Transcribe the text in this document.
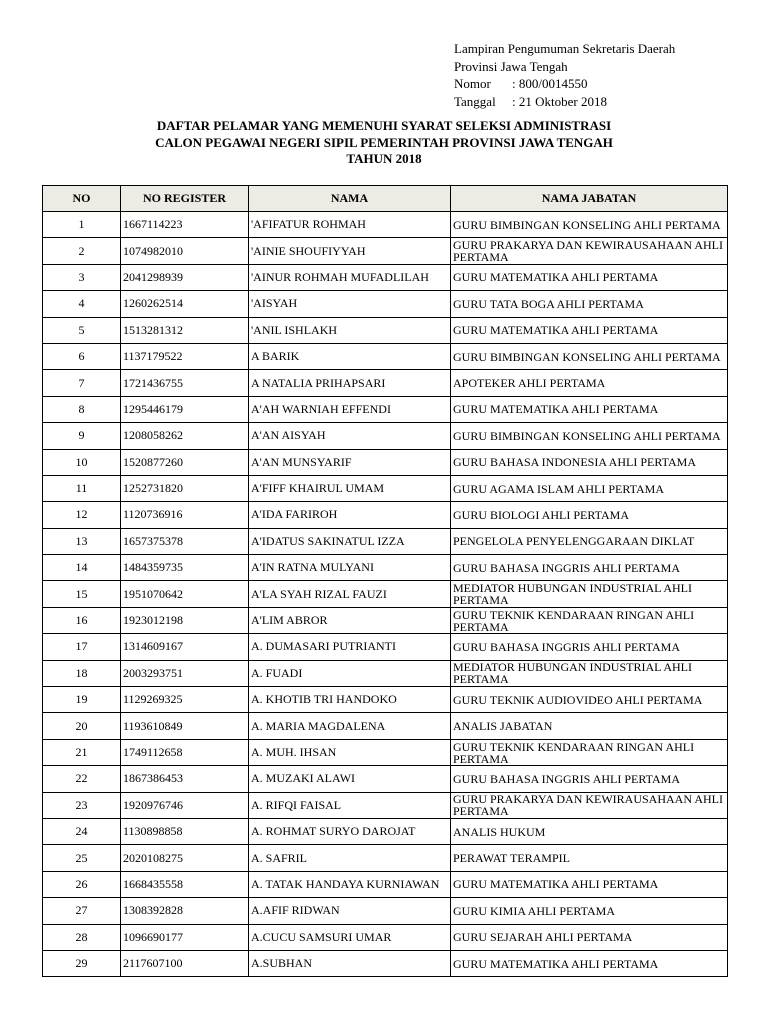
Lampiran Pengumuman Sekretaris Daerah
Provinsi Jawa Tengah
Nomor : 800/0014550
Tanggal : 21 Oktober 2018
DAFTAR PELAMAR YANG MEMENUHI SYARAT SELEKSI ADMINISTRASI
CALON PEGAWAI NEGERI SIPIL PEMERINTAH PROVINSI JAWA TENGAH
TAHUN 2018
NO	NO REGISTER	NAMA	NAMA JABATAN
1	1667114223	'AFIFATUR ROHMAH	GURU BIMBINGAN KONSELING AHLI PERTAMA
2	1074982010	'AINIE SHOUFIYYAH	GURU PRAKARYA DAN KEWIRAUSAHAAN AHLI PERTAMA
3	2041298939	'AINUR ROHMAH MUFADLILAH	GURU MATEMATIKA AHLI PERTAMA
4	1260262514	'AISYAH	GURU TATA BOGA AHLI PERTAMA
5	1513281312	'ANIL ISHLAKH	GURU MATEMATIKA AHLI PERTAMA
6	1137179522	A BARIK	GURU BIMBINGAN KONSELING AHLI PERTAMA
7	1721436755	A NATALIA PRIHAPSARI	APOTEKER AHLI PERTAMA
8	1295446179	A'AH WARNIAH EFFENDI	GURU MATEMATIKA AHLI PERTAMA
9	1208058262	A'AN AISYAH	GURU BIMBINGAN KONSELING AHLI PERTAMA
10	1520877260	A'AN MUNSYARIF	GURU BAHASA INDONESIA AHLI PERTAMA
11	1252731820	A'FIFF KHAIRUL UMAM	GURU AGAMA ISLAM AHLI PERTAMA
12	1120736916	A'IDA FARIROH	GURU BIOLOGI AHLI PERTAMA
13	1657375378	A'IDATUS SAKINATUL IZZA	PENGELOLA PENYELENGGARAAN DIKLAT
14	1484359735	A'IN RATNA MULYANI	GURU BAHASA INGGRIS AHLI PERTAMA
15	1951070642	A'LA SYAH RIZAL FAUZI	MEDIATOR HUBUNGAN INDUSTRIAL AHLI PERTAMA
16	1923012198	A'LIM ABROR	GURU TEKNIK KENDARAAN RINGAN AHLI PERTAMA
17	1314609167	A. DUMASARI PUTRIANTI	GURU BAHASA INGGRIS AHLI PERTAMA
18	2003293751	A. FUADI	MEDIATOR HUBUNGAN INDUSTRIAL AHLI PERTAMA
19	1129269325	A. KHOTIB TRI HANDOKO	GURU TEKNIK AUDIOVIDEO AHLI PERTAMA
20	1193610849	A. MARIA MAGDALENA	ANALIS JABATAN
21	1749112658	A. MUH. IHSAN	GURU TEKNIK KENDARAAN RINGAN AHLI PERTAMA
22	1867386453	A. MUZAKI ALAWI	GURU BAHASA INGGRIS AHLI PERTAMA
23	1920976746	A. RIFQI FAISAL	GURU PRAKARYA DAN KEWIRAUSAHAAN AHLI PERTAMA
24	1130898858	A. ROHMAT SURYO DAROJAT	ANALIS HUKUM
25	2020108275	A. SAFRIL	PERAWAT TERAMPIL
26	1668435558	A. TATAK HANDAYA KURNIAWAN	GURU MATEMATIKA AHLI PERTAMA
27	1308392828	A.AFIF RIDWAN	GURU KIMIA AHLI PERTAMA
28	1096690177	A.CUCU SAMSURI UMAR	GURU SEJARAH AHLI PERTAMA
29	2117607100	A.SUBHAN	GURU MATEMATIKA AHLI PERTAMA
